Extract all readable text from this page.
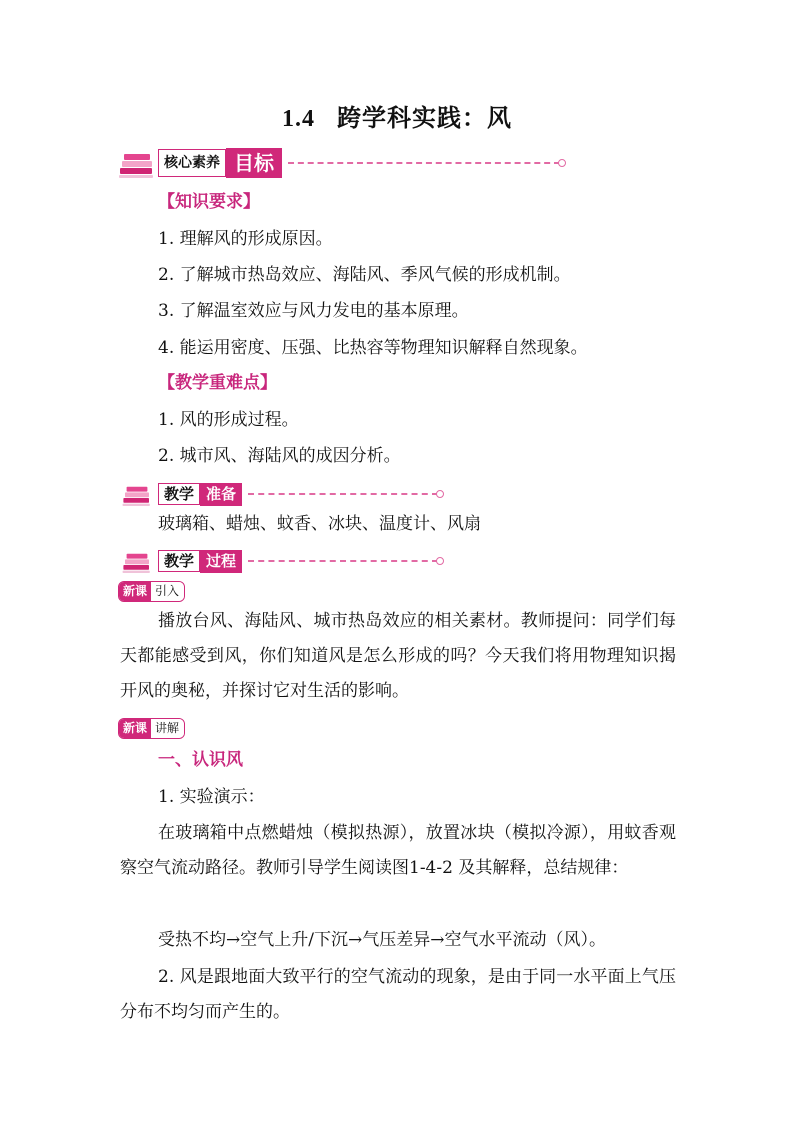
1.4 跨学科实践：风
核心素养 目标
【知识要求】
1. 理解风的形成原因。
2. 了解城市热岛效应、海陆风、季风气候的形成机制。
3. 了解温室效应与风力发电的基本原理。
4. 能运用密度、压强、比热容等物理知识解释自然现象。
【教学重难点】
1. 风的形成过程。
2. 城市风、海陆风的成因分析。
教学 准备
玻璃箱、蜡烛、蚊香、冰块、温度计、风扇
教学 过程
新课 引入
播放台风、海陆风、城市热岛效应的相关素材。教师提问：同学们每天都能感受到风，你们知道风是怎么形成的吗？今天我们将用物理知识揭开风的奥秘，并探讨它对生活的影响。
新课 讲解
一、认识风
1. 实验演示：
在玻璃箱中点燃蜡烛（模拟热源），放置冰块（模拟冷源），用蚊香观察空气流动路径。教师引导学生阅读图1-4-2 及其解释，总结规律：
受热不均→空气上升/下沉→气压差异→空气水平流动（风）。
2. 风是跟地面大致平行的空气流动的现象，是由于同一水平面上气压分布不均匀而产生的。
